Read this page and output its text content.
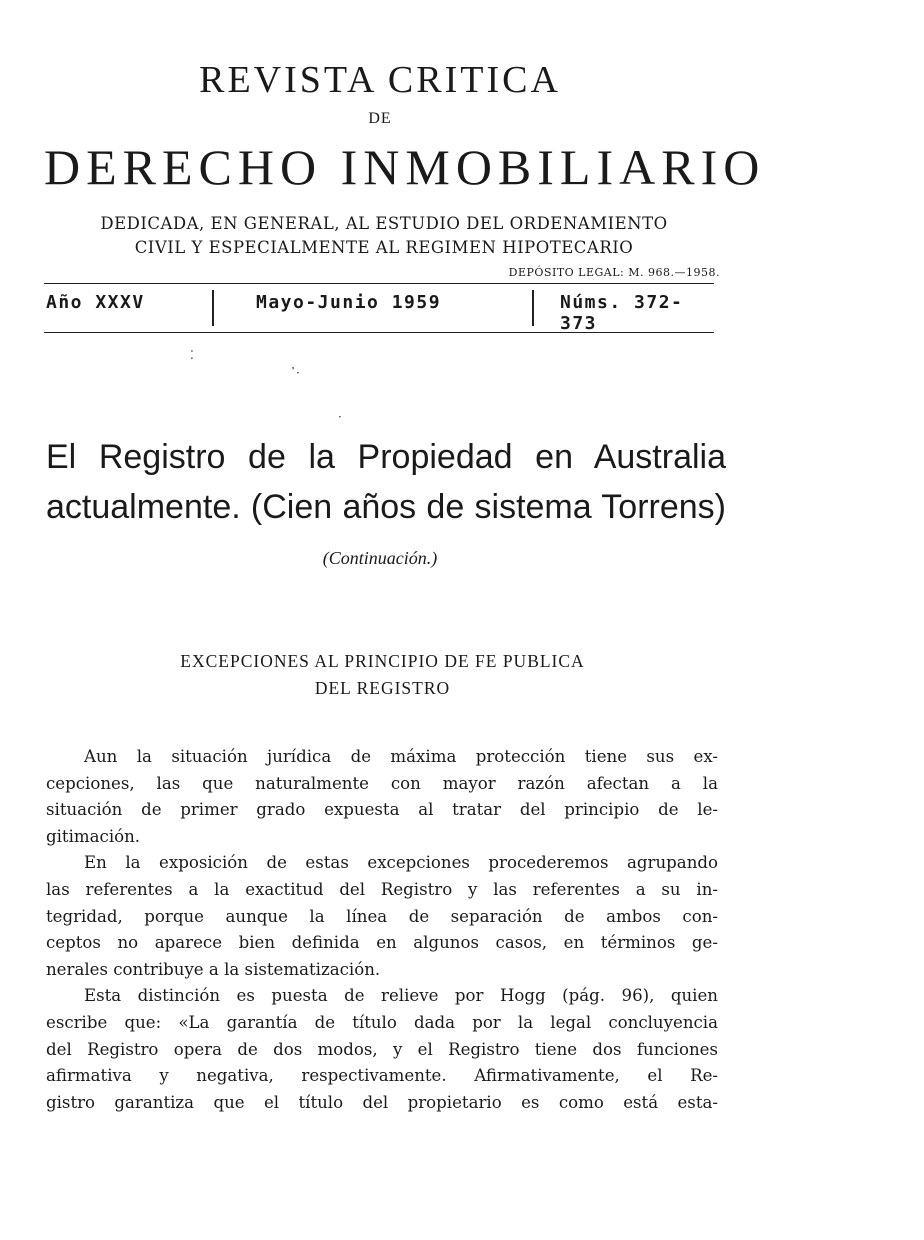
REVISTA CRITICA
DE
DERECHO INMOBILIARIO
DEDICADA, EN GENERAL, AL ESTUDIO DEL ORDENAMIENTO
CIVIL Y ESPECIALMENTE AL REGIMEN HIPOTECARIO
DEPÓSITO LEGAL: M. 968.—1958.
Año XXXV	Mayo-Junio 1959	Núms. 372-373
⁚
᾿·
·
El Registro de la Propiedad en Australia
actualmente. (Cien años de sistema Torrens)
(Continuación.)
EXCEPCIONES AL PRINCIPIO DE FE PUBLICA
DEL REGISTRO

Aun la situación jurídica de máxima protección tiene sus ex-
cepciones, las que naturalmente con mayor razón afectan a la
situación de primer grado expuesta al tratar del principio de le-
gitimación.

En la exposición de estas excepciones procederemos agrupando
las referentes a la exactitud del Registro y las referentes a su in-
tegridad, porque aunque la línea de separación de ambos con-
ceptos no aparece bien definida en algunos casos, en términos ge-
nerales contribuye a la sistematización.

Esta distinción es puesta de relieve por Hogg (pág. 96), quien
escribe que: «La garantía de título dada por la legal concluyencia
del Registro opera de dos modos, y el Registro tiene dos funciones
afirmativa y negativa, respectivamente. Afirmativamente, el Re-
gistro garantiza que el título del propietario es como está esta-
